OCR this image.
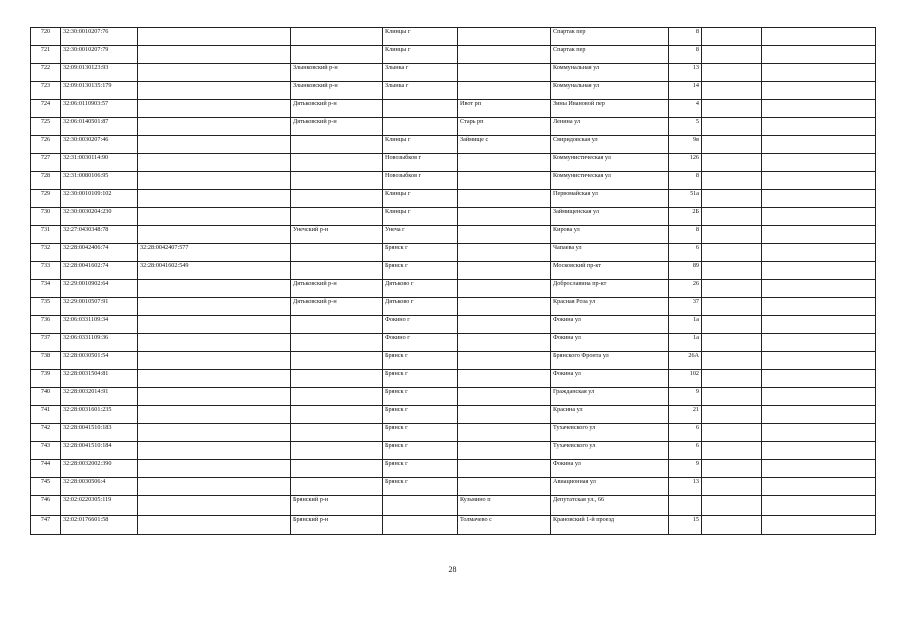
720	32:30:0010207:76			Клинцы г		Спартак пер	8		
721	32:30:0010207:79			Клинцы г		Спартак пер	8		
722	32:09:0130123:93		Злынковский р-н	Злынка г		Коммунальная ул	13		
723	32:09:0130135:179		Злынковский р-н	Злынка г		Коммунальная ул	14		
724	32:06:0110903:57		Дятьковский р-н		Ивот рп	Зины Ивановой пер	4		
725	32:06:0140501:87		Дятьковский р-н		Старь рп	Ленина ул	5		
726	32:30:0030207:46			Клинцы г	Займище с	Свиридовская ул	9в		
727	32:31:0030114:90			Новозыбков г		Коммунистическая ул	126		
728	32:31:0080106:95			Новозыбков г		Коммунистическая ул	8		
729	32:30:0010109:102			Клинцы г		Первомайская ул	51а		
730	32:30:0030204:230			Клинцы г		Займищенская ул	2Б		
731	32:27:0430348:78		Унечский р-н	Унеча г		Кирова ул	8		
732	32:28:0042406:74	32:28:0042407:577		Брянск г		Чапаева ул	6		
733	32:28:0041602:74	32:28:0041602:549		Брянск г		Московский пр-кт	89		
734	32:29:0010902:64		Дятьковский р-н	Дятьково г		Доброславина пр-кт	26		
735	32:29:0010507:91		Дятьковский р-н	Дятьково г		Красная Роза ул	37		
736	32:06:0331109:34			Фокино г		Фокина ул	1а		
737	32:06:0331109:36			Фокино г		Фокина ул	1а		
738	32:28:0030501:54			Брянск г		Брянского Фронта ул	26А		
739	32:28:0031504:81			Брянск г		Фокина ул	102		
740	32:28:0032014:91			Брянск г		Гражданская ул	9		
741	32:28:0031601:235			Брянск г		Красина ул	21		
742	32:28:0041510:183			Брянск г		Тухачевского ул	6		
743	32:28:0041510:184			Брянск г		Тухачевского ул	6		
744	32:28:0032002:390			Брянск г		Фокина ул	9		
745	32:28:0030506:4			Брянск г		Авиационная ул	13		
746	32:02:0220305:119		Брянский р-н		Кузьмино п	Депутатская ул., 66			
747	32:02:0176601:58		Брянский р-н		Толмачево с	Крановский 1-й проезд	15		
28
